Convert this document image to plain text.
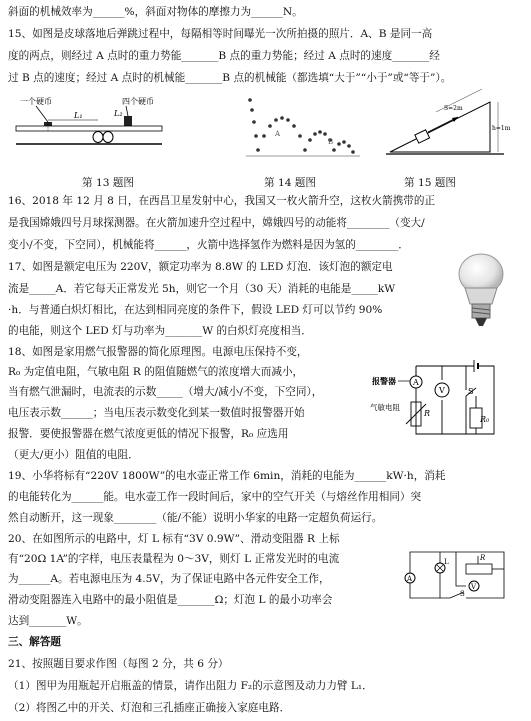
斜面的机械效率为______%，斜面对物体的摩擦力为______N。
15、如图是皮球落地后弹跳过程中，每隔相等时间曝光一次所拍摄的照片．A、B 是同一高
度的两点，则经过 A 点时的重力势能_______B 点的重力势能；经过 A 点时的速度_______经
过 B 点的速度；经过 A 点时的机械能_______B 点的机械能（都选填“大于”“小于”或“等于”）。
一个硬币	四个硬币
L₁	L₂
A
B
S=2m
h=1m
第 13 题图	第 14 题图	第 15 题图
16、2018 年 12 月 8 日，在西昌卫星发射中心，我国又一枚火箭升空，这枚火箭携带的正
是我国嫦娥四号月球探测器。在火箭加速升空过程中，嫦娥四号的动能将________（变大/
变小/不变，下空同），机械能将______，火箭中选择氢作为燃料是因为氢的________．
17、如图是额定电压为 220V，额定功率为 8.8W 的 LED 灯泡．该灯泡的额定电
流是_____A．若它每天正常发光 5h，则它一个月（30 天）消耗的电能是_____kW
·h．与普通白炽灯相比，在达到相同亮度的条件下，假设 LED 灯可以节约 90%
的电能，则这个 LED 灯与功率为_______W 的白炽灯亮度相当．
18、如图是家用燃气报警器的简化原理图。电源电压保持不变，
R₀ 为定值电阻，气敏电阻 R 的阻值随燃气的浓度增大而减小，
当有燃气泄漏时，电流表的示数_____（增大/减小/不变，下空同），
电压表示数______；当电压表示数变化到某一数值时报警器开始
报警．要使报警器在燃气浓度更低的情况下报警，R₀ 应选用
（更大/更小）阻值的电阻．
19、小华将标有“220V 1800W”的电水壶正常工作 6min，消耗的电能为______kW·h，消耗
的电能转化为______能。电水壶工作一段时间后，家中的空气开关（与熔丝作用相同）突
然自动断开，这一现象________（能/不能）说明小华家的电路一定超负荷运行。
20、在如图所示的电路中，灯 L 标有“3V 0.9W”、滑动变阻器 R 上标
有“20Ω 1A”的字样，电压表量程为 0～3V，则灯 L 正常发光时的电流
为______A。若电源电压为 4.5V，为了保证电路中各元件安全工作，
滑动变阻器连入电路中的最小阻值是_______Ω；灯泡 L 的最小功率会
达到_______W。
A
V
报警器
气敏电阻
R
S
R₀
A
L
V
R
S
三、解答题
21、按照题目要求作图（每图 2 分，共 6 分）
（1）图甲为用瓶起开启瓶盖的情景，请作出阻力 F₂的示意图及动力力臂 L₁．
（2）将图乙中的开关、灯泡和三孔插座正确接入家庭电路．
